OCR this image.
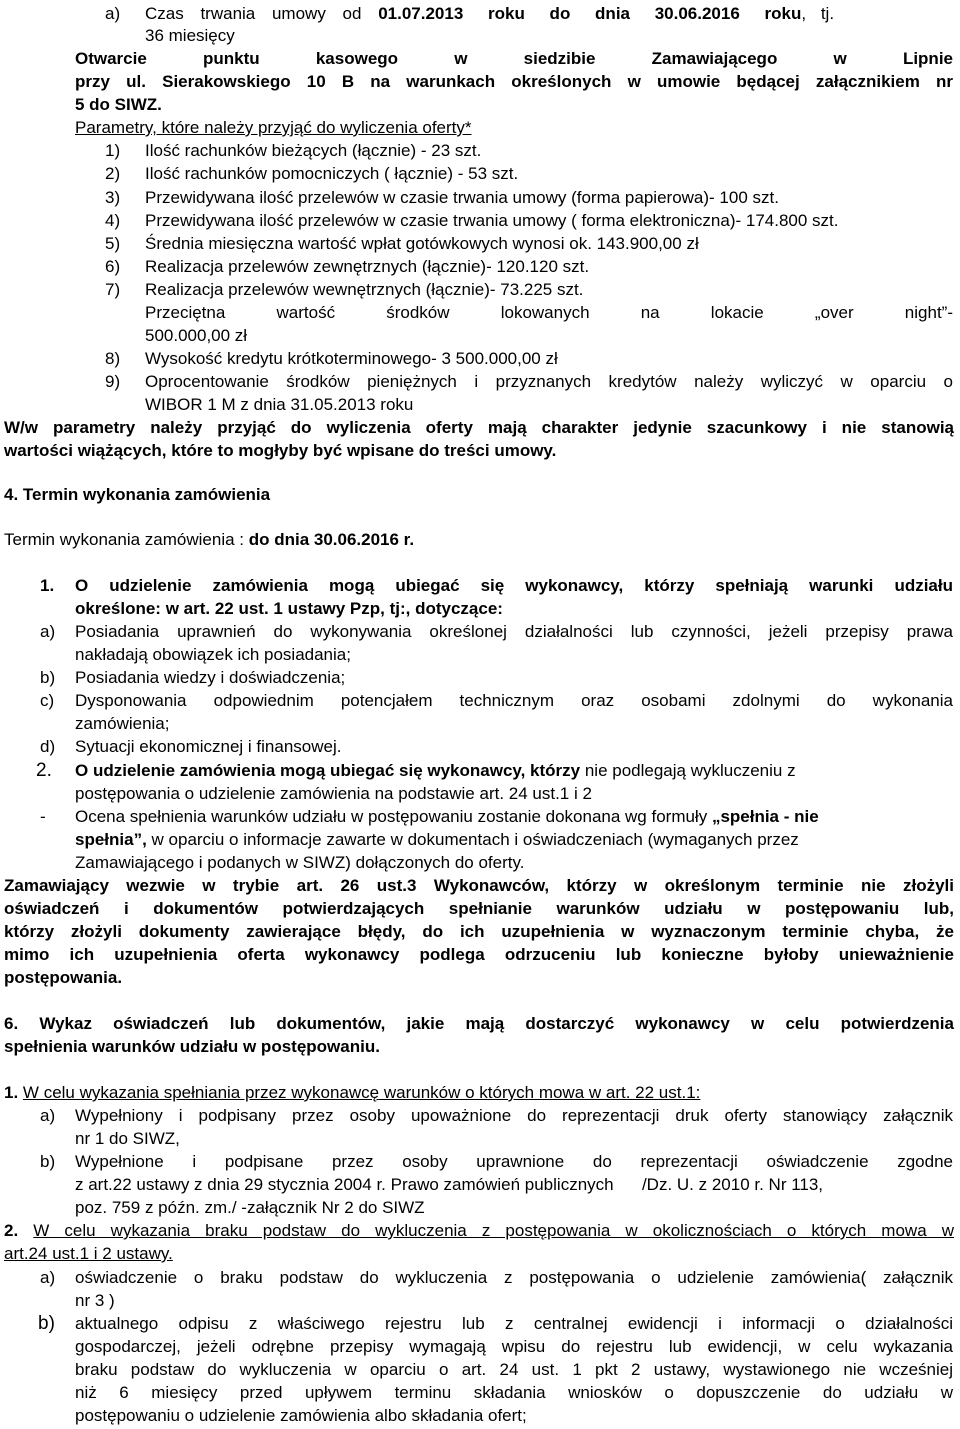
a) Czas trwania umowy od 01.07.2013 roku do dnia 30.06.2016 roku, tj.
36 miesięcy
Otwarcie punktu kasowego w siedzibie Zamawiającego w Lipnie
przy ul. Sierakowskiego 10 B na warunkach określonych w umowie będącej załącznikiem nr
5 do SIWZ.
Parametry, które należy przyjąć do wyliczenia oferty*
1) Ilość rachunków bieżących (łącznie) - 23 szt.
2) Ilość rachunków pomocniczych ( łącznie) - 53 szt.
3) Przewidywana ilość przelewów w czasie trwania umowy (forma papierowa)- 100 szt.
4) Przewidywana ilość przelewów w czasie trwania umowy ( forma elektroniczna)- 174.800 szt.
5) Średnia miesięczna wartość wpłat gotówkowych wynosi ok. 143.900,00 zł
6) Realizacja przelewów zewnętrznych (łącznie)- 120.120 szt.
7) Realizacja przelewów wewnętrznych (łącznie)- 73.225 szt.
Przeciętna wartość środków lokowanych na lokacie „over night”-
500.000,00 zł
8) Wysokość kredytu krótkoterminowego- 3 500.000,00 zł
9) Oprocentowanie środków pieniężnych i przyznanych kredytów należy wyliczyć w oparciu o
WIBOR 1 M z dnia 31.05.2013 roku
W/w parametry należy przyjąć do wyliczenia oferty mają charakter jedynie szacunkowy i nie stanowią
wartości wiążących, które to mogłyby być wpisane do treści umowy.
4. Termin wykonania zamówienia
Termin wykonania zamówienia : do dnia 30.06.2016 r.
1. O udzielenie zamówienia mogą ubiegać się wykonawcy, którzy spełniają warunki udziału
określone: w art. 22 ust. 1 ustawy Pzp, tj:, dotyczące:
a) Posiadania uprawnień do wykonywania określonej działalności lub czynności, jeżeli przepisy prawa
nakładają obowiązek ich posiadania;
b) Posiadania wiedzy i doświadczenia;
c) Dysponowania odpowiednim potencjałem technicznym oraz osobami zdolnymi do wykonania
zamówienia;
d) Sytuacji ekonomicznej i finansowej.
2. O udzielenie zamówienia mogą ubiegać się wykonawcy, którzy nie podlegają wykluczeniu z
postępowania o udzielenie zamówienia na podstawie art. 24 ust.1 i 2
- Ocena spełnienia warunków udziału w postępowaniu zostanie dokonana wg formuły „spełnia - nie
spełnia”, w oparciu o informacje zawarte w dokumentach i oświadczeniach (wymaganych przez
Zamawiającego i podanych w SIWZ) dołączonych do oferty.
Zamawiający wezwie w trybie art. 26 ust.3 Wykonawców, którzy w określonym terminie nie złożyli
oświadczeń i dokumentów potwierdzających spełnianie warunków udziału w postępowaniu lub,
którzy złożyli dokumenty zawierające błędy, do ich uzupełnienia w wyznaczonym terminie chyba, że
mimo ich uzupełnienia oferta wykonawcy podlega odrzuceniu lub konieczne byłoby unieważnienie
postępowania.
6. Wykaz oświadczeń lub dokumentów, jakie mają dostarczyć wykonawcy w celu potwierdzenia
spełnienia warunków udziału w postępowaniu.
1. W celu wykazania spełniania przez wykonawcę warunków o których mowa w art. 22 ust.1:
a) Wypełniony i podpisany przez osoby upoważnione do reprezentacji druk oferty stanowiący załącznik
nr 1 do SIWZ,
b) Wypełnione i podpisane przez osoby uprawnione do reprezentacji oświadczenie zgodne
z art.22 ustawy z dnia 29 stycznia 2004 r. Prawo zamówień publicznych      /Dz. U. z 2010 r. Nr 113,
poz. 759 z późn. zm./ -załącznik Nr 2 do SIWZ
2. W celu wykazania braku podstaw do wykluczenia z postępowania w okolicznościach o których mowa w
art.24 ust.1 i 2 ustawy.
a) oświadczenie o braku podstaw do wykluczenia z postępowania o udzielenie zamówienia( załącznik
nr 3 )
b) aktualnego odpisu z właściwego rejestru lub z centralnej ewidencji i informacji o działalności
gospodarczej, jeżeli odrębne przepisy wymagają wpisu do rejestru lub ewidencji, w celu wykazania
braku podstaw do wykluczenia w oparciu o art. 24 ust. 1 pkt 2 ustawy, wystawionego nie wcześniej
niż 6 miesięcy przed upływem terminu składania wniosków o dopuszczenie do udziału w
postępowaniu o udzielenie zamówienia albo składania ofert;
